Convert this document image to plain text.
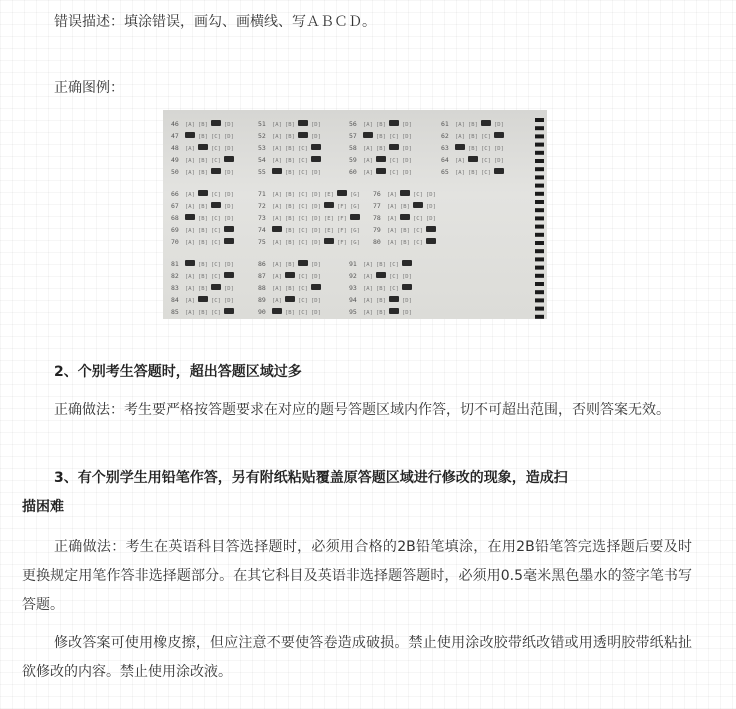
错误描述：填涂错误，画勾、画横线、写ＡＢＣＤ。
正确图例：
46 [A] [B]	[D]
47	[B] [C] [D]
48 [A]	[C] [D]
49 [A] [B] [C]
50 [A] [B]	[D]
51 [A] [B]	[D]
52 [A] [B]	[D]
53 [A] [B] [C]
54 [A] [B] [C]
55	[B] [C] [D]
56 [A] [B]	[D]
57	[B] [C] [D]
58 [A] [B]	[D]
59 [A]	[C] [D]
60 [A]	[C] [D]
61 [A] [B]	[D]
62 [A] [B] [C]
63	[B] [C] [D]
64 [A]	[C] [D]
65 [A] [B] [C]
66 [A]	[C] [D]
67 [A] [B]	[D]
68	[B] [C] [D]
69 [A] [B] [C]
70 [A] [B] [C]
71 [A] [B] [C] [D] [E]	[G]
72 [A] [B] [C] [D]	[F] [G]
73 [A] [B] [C] [D] [E] [F]
74	[B] [C] [D] [E] [F] [G]
75 [A] [B] [C] [D]	[F] [G]
76 [A]	[C] [D]
77 [A] [B]	[D]
78 [A]	[C] [D]
79 [A] [B] [C]
80 [A] [B] [C]
81	[B] [C] [D]
82 [A] [B] [C]
83 [A] [B]	[D]
84 [A]	[C] [D]
85 [A] [B] [C]
86 [A] [B]	[D]
87 [A]	[C] [D]
88 [A] [B] [C]
89 [A]	[C] [D]
90	[B] [C] [D]
91 [A] [B] [C]
92 [A]	[C] [D]
93 [A] [B] [C]
94 [A] [B]	[D]
95 [A] [B]	[D]
2、个别考生答题时，超出答题区域过多
正确做法：考生要严格按答题要求在对应的题号答题区域内作答，切不可超出范围，否则答案无效。
3、有个别学生用铅笔作答，另有附纸粘贴覆盖原答题区域进行修改的现象，造成扫
描困难
正确做法：考生在英语科目答选择题时，必须用合格的2B铅笔填涂，在用2B铅笔答完选择题后要及时更换规定用笔作答非选择题部分。在其它科目及英语非选择题答题时，必须用0.5毫米黑色墨水的签字笔书写答题。
修改答案可使用橡皮擦，但应注意不要使答卷造成破损。禁止使用涂改胶带纸改错或用透明胶带纸粘扯欲修改的内容。禁止使用涂改液。
